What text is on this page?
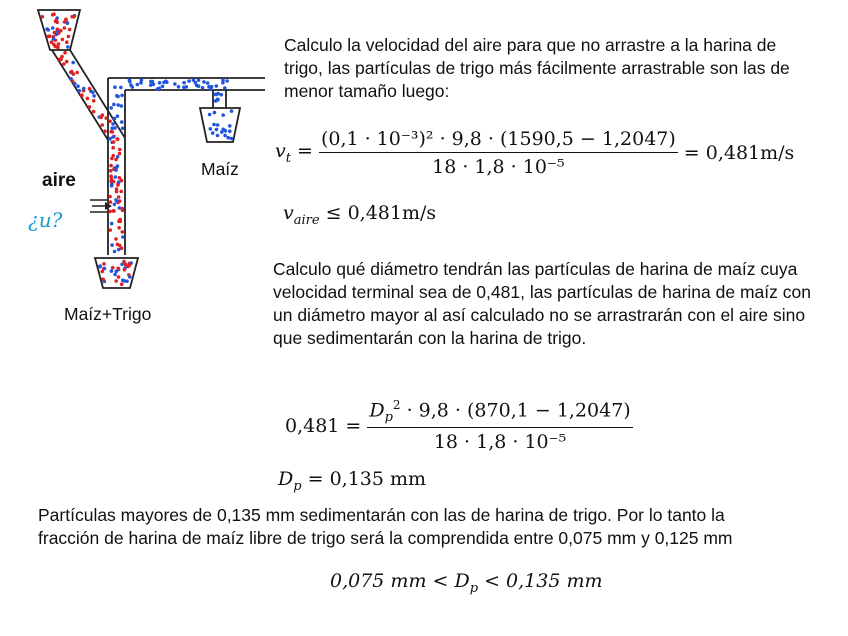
aire
¿u?
Maíz
Maíz+Trigo
Calculo la velocidad del aire para que no arrastre a la harina de trigo, las partículas de trigo más fácilmente arrastrable son las de menor tamaño luego:
$v_t = \frac{\text{(0,1 · 10⁻³)² · 9,8 · (1590,5 − 1,2047)}}{\text{18 · 1,8 · 10⁻⁵}} = 0,481m/s$
$v_{aire} \le 0,481m/s$
Calculo qué diámetro tendrán las partículas de harina de maíz cuya velocidad terminal sea de 0,481, las partículas de harina de maíz con un diámetro mayor al así calculado no se arrastrarán con el aire sino que sedimentarán con la harina de trigo.
$0,481 = \frac{D_p^2 \cdot 9,8 \cdot (870,1 - 1,2047)}{\text{18 · 1,8 · 10⁻⁵}}$
$D_p = 0,135$ mm
Partículas mayores de 0,135 mm sedimentarán con las de harina de trigo. Por lo tanto la fracción de harina de maíz libre de trigo será la comprendida entre 0,075 mm y 0,125 mm
0,075 mm < $D_p < 0,135$ mm
